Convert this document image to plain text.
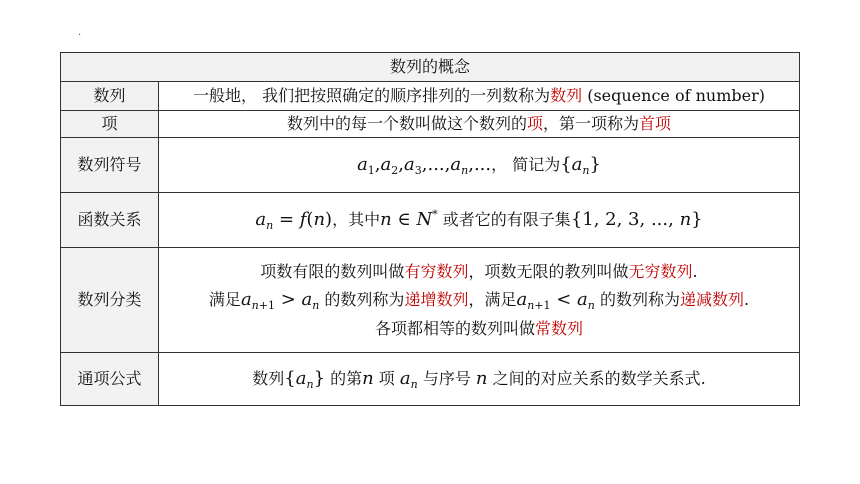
.
数列的概念	
数列	一般地， 我们把按照确定的顺序排列的一列数称为数列 (sequence of number)
项	数列中的每一个数叫做这个数列的项，第一项称为首项
数列符号	$a_1,a_2,a_3,...,a_n$,...， 简记为$\{a_n\}$
函数关系	$a_n = f(n)$，其中n ∈ N* 或者它的有限子集{1, 2, 3, ..., n}
数列分类	项数有限的数列叫做有穷数列，项数无限的教列叫做无穷数列.
满足$a_{n+1} > a_n$ 的数列称为递增数列，满足$a_{n+1} < a_n$ 的数列称为递减数列.
各项都相等的数列叫做常数列

通项公式	数列$\{a_n\}$ 的第n 项 $a_n$ 与序号 n 之间的对应关系的数学关系式.
